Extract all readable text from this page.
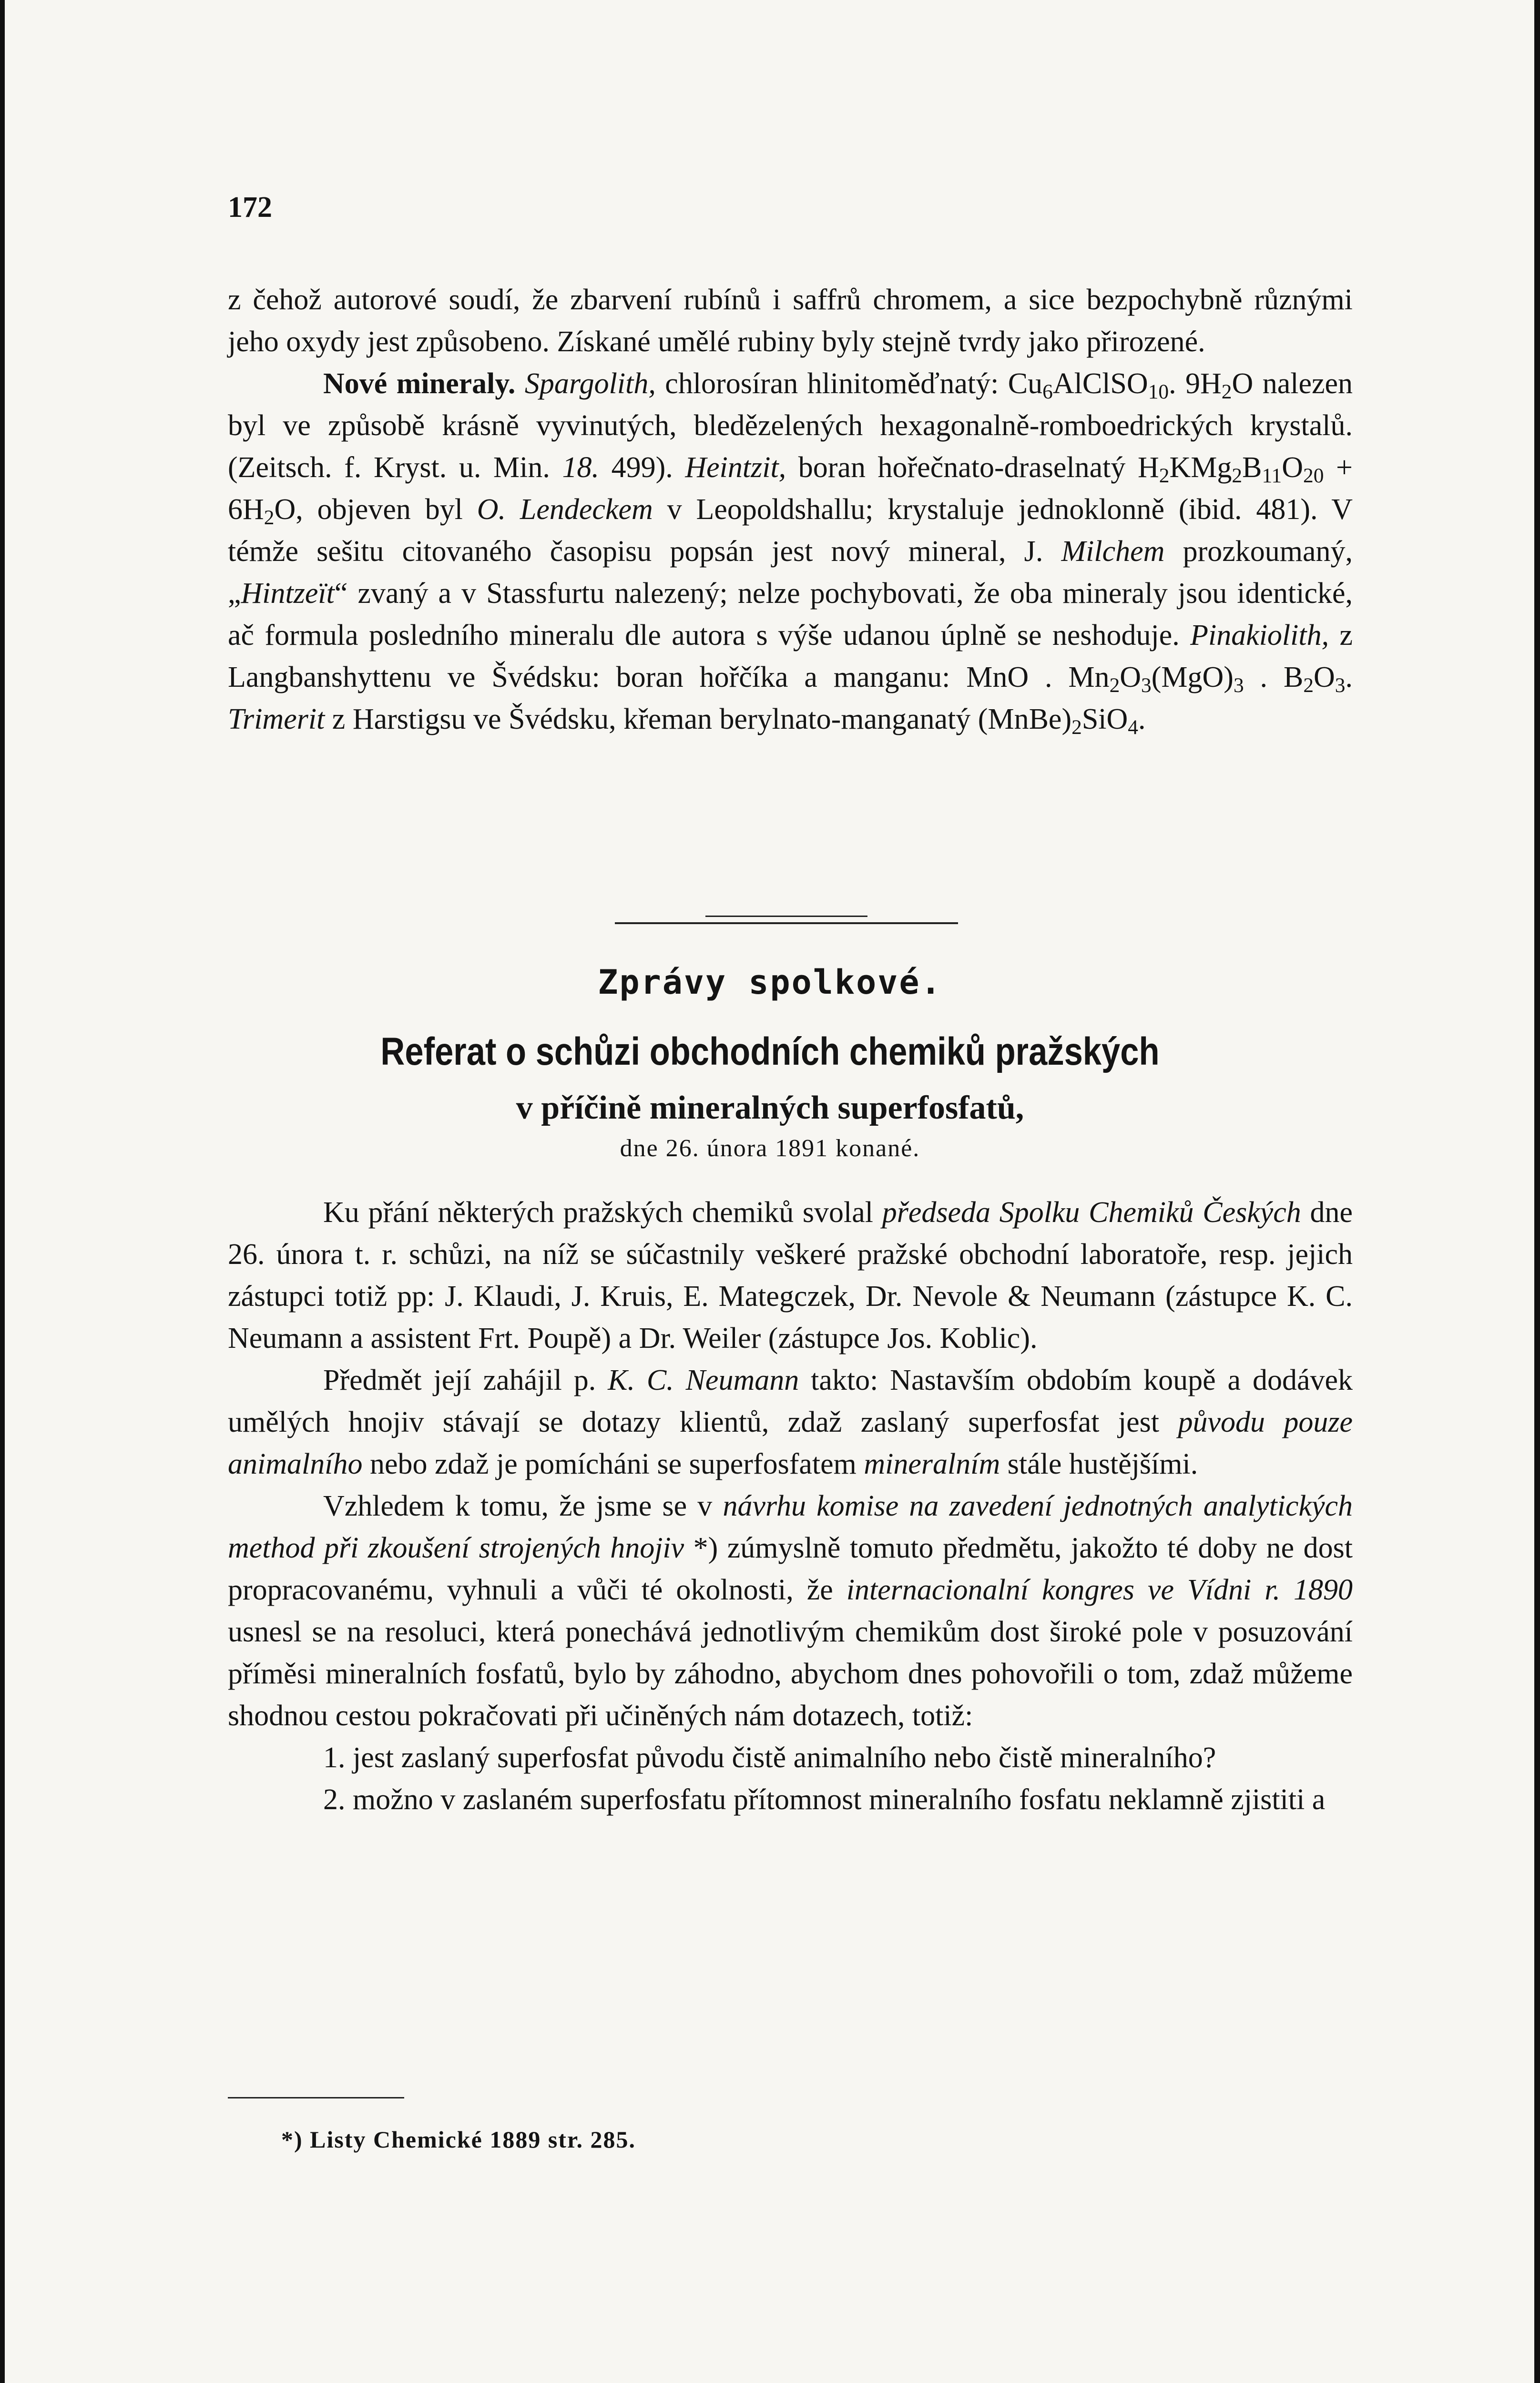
172

z čehož autorové soudí, že zbarvení rubínů i saffrů chromem, a sice bezpochybně různými jeho oxydy jest způsobeno. Získané umělé rubiny byly stejně tvrdy jako přirozené.

Nové mineraly. Spargolith, chlorosíran hlinitoměďnatý: $Cu_6AlClSO_{10}$. $9H_2O$ nalezen byl ve způsobě krásně vyvinutých, bledězelených hexagonalně-romboedrických krystalů. (Zeitsch. f. Kryst. u. Min. 18. 499). Heintzit, boran hořečnato-draselnatý $H_2KMg_2B_{11}O_{20} + 6H_2O$, objeven byl O. Lendeckem v Leopoldshallu; krystaluje jednoklonně (ibid. 481). V témže sešitu citovaného časopisu popsán jest nový mineral, J. Milchem prozkoumaný, „Hintzeït“ zvaný a v Stassfurtu nalezený; nelze pochybovati, že oba mineraly jsou identické, ač formula posledního mineralu dle autora s výše udanou úplně se neshoduje. Pinakiolith, z Langbanshyttenu ve Švédsku: boran hořčíka a manganu: MnO . $Mn_2O_3(MgO)_3$ . $B_2O_3$. Trimerit z Harstigsu ve Švédsku, křeman berylnato-manganatý $(MnBe)_2SiO_4$.

Zprávy spolkové.
Referat o schůzi obchodních chemiků pražských
v příčině mineralných superfosfatů,
dne 26. února 1891 konané.

Ku přání některých pražských chemiků svolal předseda Spolku Chemiků Českých dne 26. února t. r. schůzi, na níž se súčastnily veškeré pražské obchodní laboratoře, resp. jejich zástupci totiž pp: J. Klaudi, J. Kruis, E. Mategczek, Dr. Nevole & Neumann (zástupce K. C. Neumann a assistent Frt. Poupě) a Dr. Weiler (zástupce Jos. Koblic).

Předmět její zahájil p. K. C. Neumann takto: Nastavším obdobím koupě a dodávek umělých hnojiv stávají se dotazy klientů, zdaž zaslaný superfosfat jest původu pouze animalního nebo zdaž je pomícháni se superfosfatem mineralním stále hustějšími.

Vzhledem k tomu, že jsme se v návrhu komise na zavedení jednotných analytických method při zkoušení strojených hnojiv *) zúmyslně tomuto předmětu, jakožto té doby ne dost propracovanému, vyhnuli a vůči té okolnosti, že internacionalní kongres ve Vídni r. 1890 usnesl se na resoluci, která ponechává jednotlivým chemikům dost široké pole v posuzování příměsi mineralních fosfatů, bylo by záhodno, abychom dnes pohovořili o tom, zdaž můžeme shodnou cestou pokračovati při učiněných nám dotazech, totiž:

1. jest zaslaný superfosfat původu čistě animalního nebo čistě mineralního?

2. možno v zaslaném superfosfatu přítomnost mineralního fosfatu neklamně zjistiti a

*) Listy Chemické 1889 str. 285.
